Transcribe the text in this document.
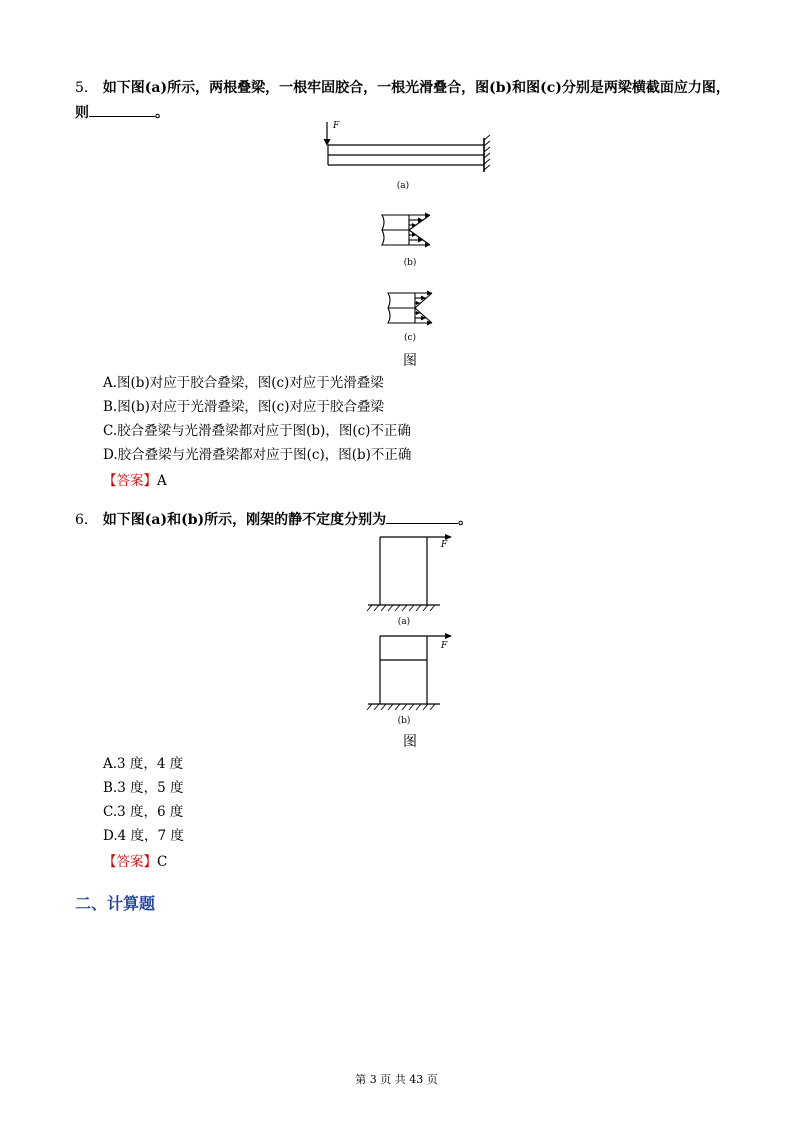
5． 如下图(a)所示，两根叠梁，一根牢固胶合，一根光滑叠合，图(b)和图(c)分别是两梁横截面应力图，
则	。
F
(a)
(b)
(c)
图
A.图(b)对应于胶合叠梁，图(c)对应于光滑叠梁
B.图(b)对应于光滑叠梁，图(c)对应于胶合叠梁
C.胶合叠梁与光滑叠梁都对应于图(b)，图(c)不正确
D.胶合叠梁与光滑叠梁都对应于图(c)，图(b)不正确
【答案】A
6． 如下图(a)和(b)所示，刚架的静不定度分别为	。
F
(a)
F
(b)
图
A.3 度，4 度
B.3 度，5 度
C.3 度，6 度
D.4 度，7 度
【答案】C
二、计算题
第 3 页 共 43 页
